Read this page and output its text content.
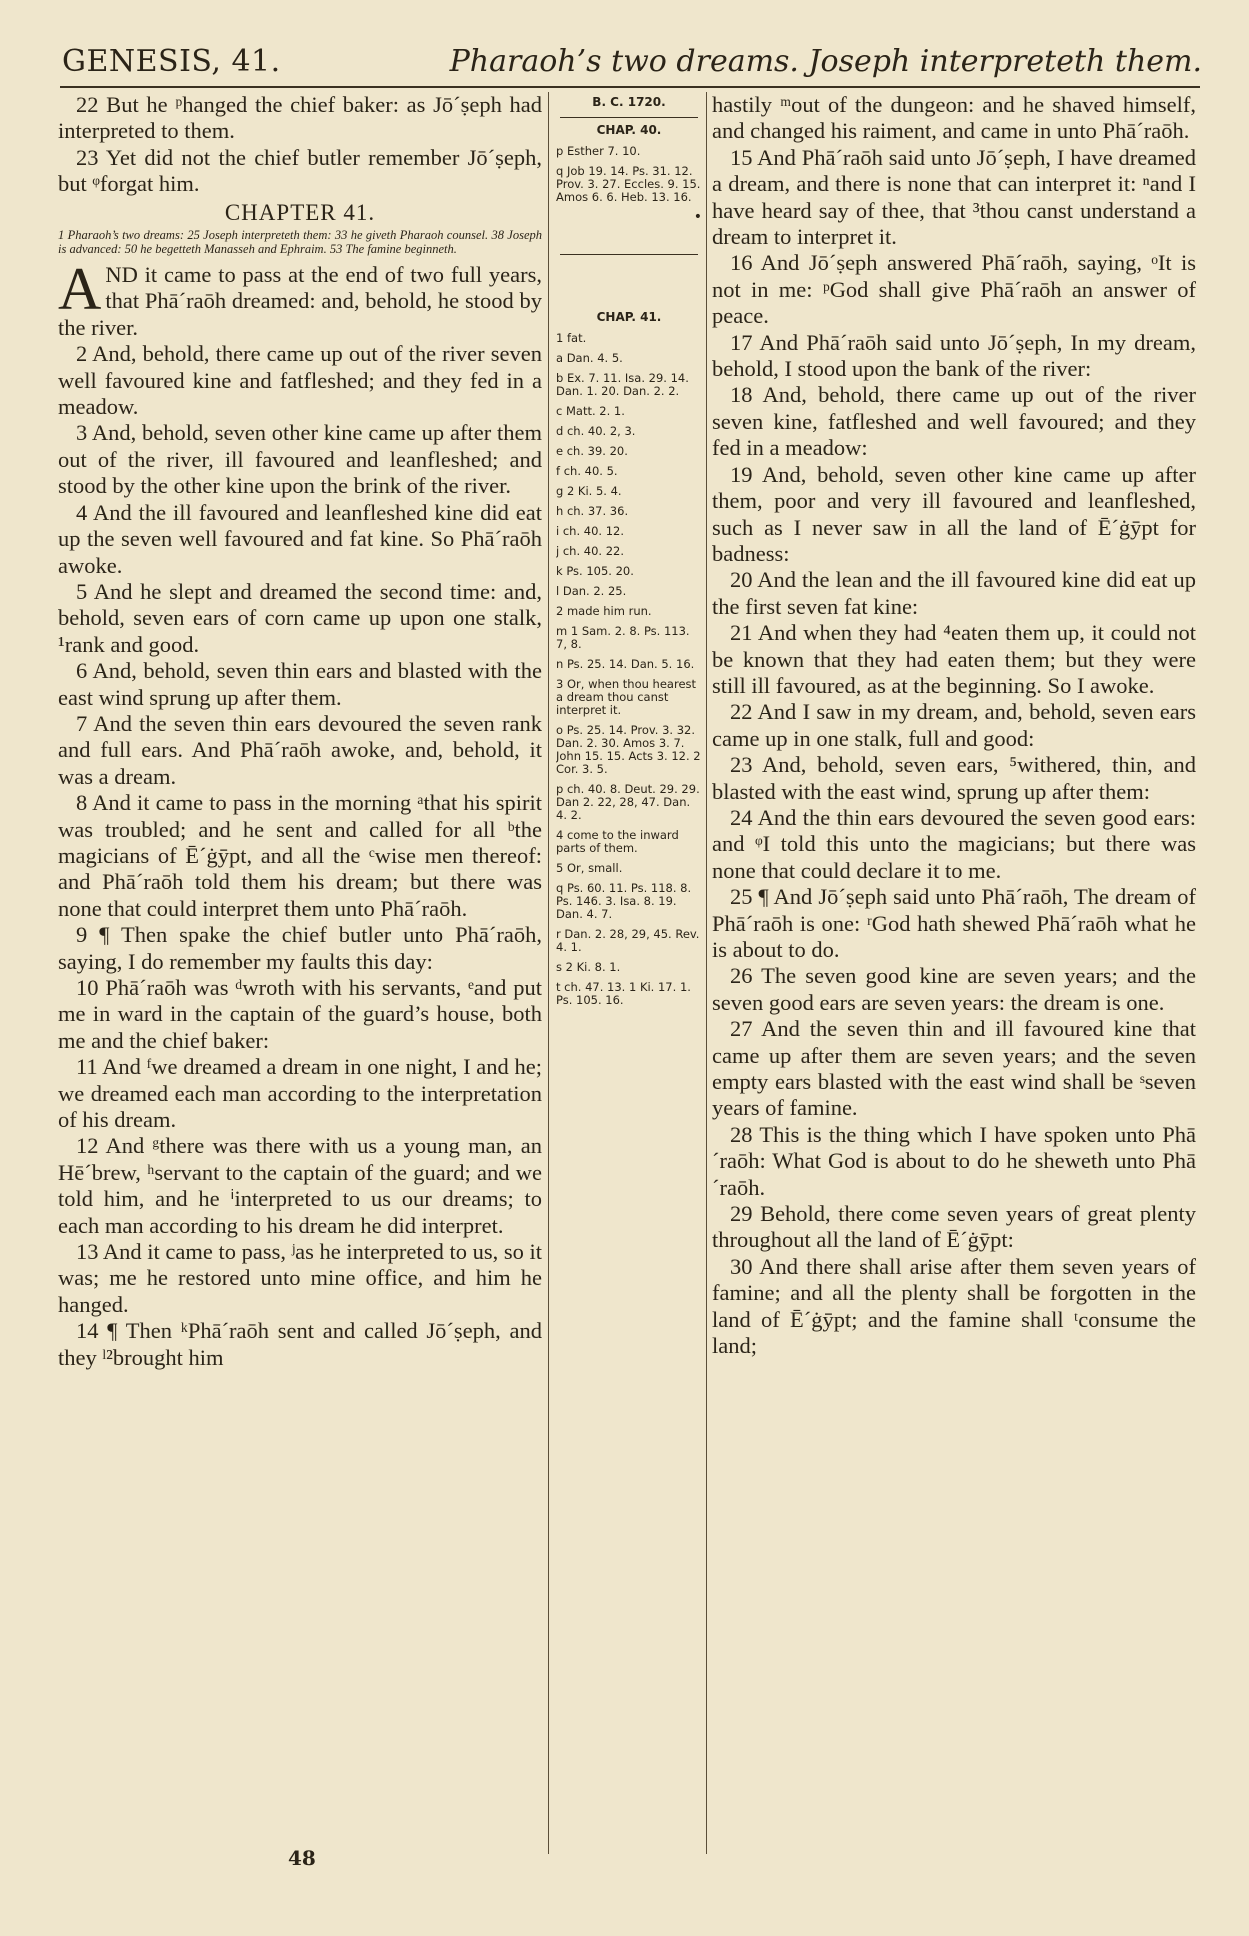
GENESIS, 41.	Pharaoh’s two dreams. Joseph interpreteth them.

22 But he ᵖhanged the chief baker: as Jō´ṣeph had interpreted to them.

23 Yet did not the chief butler remember Jō´ṣeph, but ᵠforgat him.

CHAPTER 41.
1 Pharaoh’s two dreams: 25 Joseph interpreteth them: 33 he giveth Pharaoh counsel. 38 Joseph is advanced: 50 he begetteth Manasseh and Ephraim. 53 The famine beginneth.

AND it came to pass at the end of two full years, that Phā´raōh dreamed: and, behold, he stood by the river.

2 And, behold, there came up out of the river seven well favoured kine and fatfleshed; and they fed in a meadow.

3 And, behold, seven other kine came up after them out of the river, ill favoured and leanfleshed; and stood by the other kine upon the brink of the river.

4 And the ill favoured and leanfleshed kine did eat up the seven well favoured and fat kine. So Phā´raōh awoke.

5 And he slept and dreamed the second time: and, behold, seven ears of corn came up upon one stalk, ¹rank and good.

6 And, behold, seven thin ears and blasted with the east wind sprung up after them.

7 And the seven thin ears devoured the seven rank and full ears. And Phā´raōh awoke, and, behold, it was a dream.

8 And it came to pass in the morning ᵃthat his spirit was troubled; and he sent and called for all ᵇthe magicians of Ē´ġȳpt, and all the ᶜwise men thereof: and Phā´raōh told them his dream; but there was none that could interpret them unto Phā´raōh.

9 ¶ Then spake the chief butler unto Phā´raōh, saying, I do remember my faults this day:

10 Phā´raōh was ᵈwroth with his servants, ᵉand put me in ward in the captain of the guard’s house, both me and the chief baker:

11 And ᶠwe dreamed a dream in one night, I and he; we dreamed each man according to the interpretation of his dream.

12 And ᵍthere was there with us a young man, an Hē´brew, ʰservant to the captain of the guard; and we told him, and he ⁱinterpreted to us our dreams; to each man according to his dream he did interpret.

13 And it came to pass, ʲas he interpreted to us, so it was; me he restored unto mine office, and him he hanged.

14 ¶ Then ᵏPhā´raōh sent and called Jō´ṣeph, and they ˡ²brought him

B. C. 1720.
CHAP. 40.
p Esther 7. 10.
q Job 19. 14. Ps. 31. 12. Prov. 3. 27. Eccles. 9. 15. Amos 6. 6. Heb. 13. 16.
•
CHAP. 41.
1 fat.
a Dan. 4. 5.
b Ex. 7. 11. Isa. 29. 14. Dan. 1. 20. Dan. 2. 2.
c Matt. 2. 1.
d ch. 40. 2, 3.
e ch. 39. 20.
f ch. 40. 5.
g 2 Ki. 5. 4.
h ch. 37. 36.
i ch. 40. 12.
j ch. 40. 22.
k Ps. 105. 20.
l Dan. 2. 25.
2 made him run.
m 1 Sam. 2. 8. Ps. 113. 7, 8.
n Ps. 25. 14. Dan. 5. 16.
3 Or, when thou hearest a dream thou canst interpret it.
o Ps. 25. 14. Prov. 3. 32. Dan. 2. 30. Amos 3. 7. John 15. 15. Acts 3. 12. 2 Cor. 3. 5.
p ch. 40. 8. Deut. 29. 29. Dan 2. 22, 28, 47. Dan. 4. 2.
4 come to the inward parts of them.
5 Or, small.
q Ps. 60. 11. Ps. 118. 8. Ps. 146. 3. Isa. 8. 19. Dan. 4. 7.
r Dan. 2. 28, 29, 45. Rev. 4. 1.
s 2 Ki. 8. 1.
t ch. 47. 13. 1 Ki. 17. 1. Ps. 105. 16.

hastily ᵐout of the dungeon: and he shaved himself, and changed his raiment, and came in unto Phā´raōh.

15 And Phā´raōh said unto Jō´ṣeph, I have dreamed a dream, and there is none that can interpret it: ⁿand I have heard say of thee, that ³thou canst understand a dream to interpret it.

16 And Jō´ṣeph answered Phā´raōh, saying, ᵒIt is not in me: ᵖGod shall give Phā´raōh an answer of peace.

17 And Phā´raōh said unto Jō´ṣeph, In my dream, behold, I stood upon the bank of the river:

18 And, behold, there came up out of the river seven kine, fatfleshed and well favoured; and they fed in a meadow:

19 And, behold, seven other kine came up after them, poor and very ill favoured and leanfleshed, such as I never saw in all the land of Ē´ġȳpt for badness:

20 And the lean and the ill favoured kine did eat up the first seven fat kine:

21 And when they had ⁴eaten them up, it could not be known that they had eaten them; but they were still ill favoured, as at the beginning. So I awoke.

22 And I saw in my dream, and, behold, seven ears came up in one stalk, full and good:

23 And, behold, seven ears, ⁵withered, thin, and blasted with the east wind, sprung up after them:

24 And the thin ears devoured the seven good ears: and ᵠI told this unto the magicians; but there was none that could declare it to me.

25 ¶ And Jō´ṣeph said unto Phā´raōh, The dream of Phā´raōh is one: ʳGod hath shewed Phā´raōh what he is about to do.

26 The seven good kine are seven years; and the seven good ears are seven years: the dream is one.

27 And the seven thin and ill favoured kine that came up after them are seven years; and the seven empty ears blasted with the east wind shall be ˢseven years of famine.

28 This is the thing which I have spoken unto Phā´raōh: What God is about to do he sheweth unto Phā´raōh.

29 Behold, there come seven years of great plenty throughout all the land of Ē´ġȳpt:

30 And there shall arise after them seven years of famine; and all the plenty shall be forgotten in the land of Ē´ġȳpt; and the famine shall ᵗconsume the land;

48
